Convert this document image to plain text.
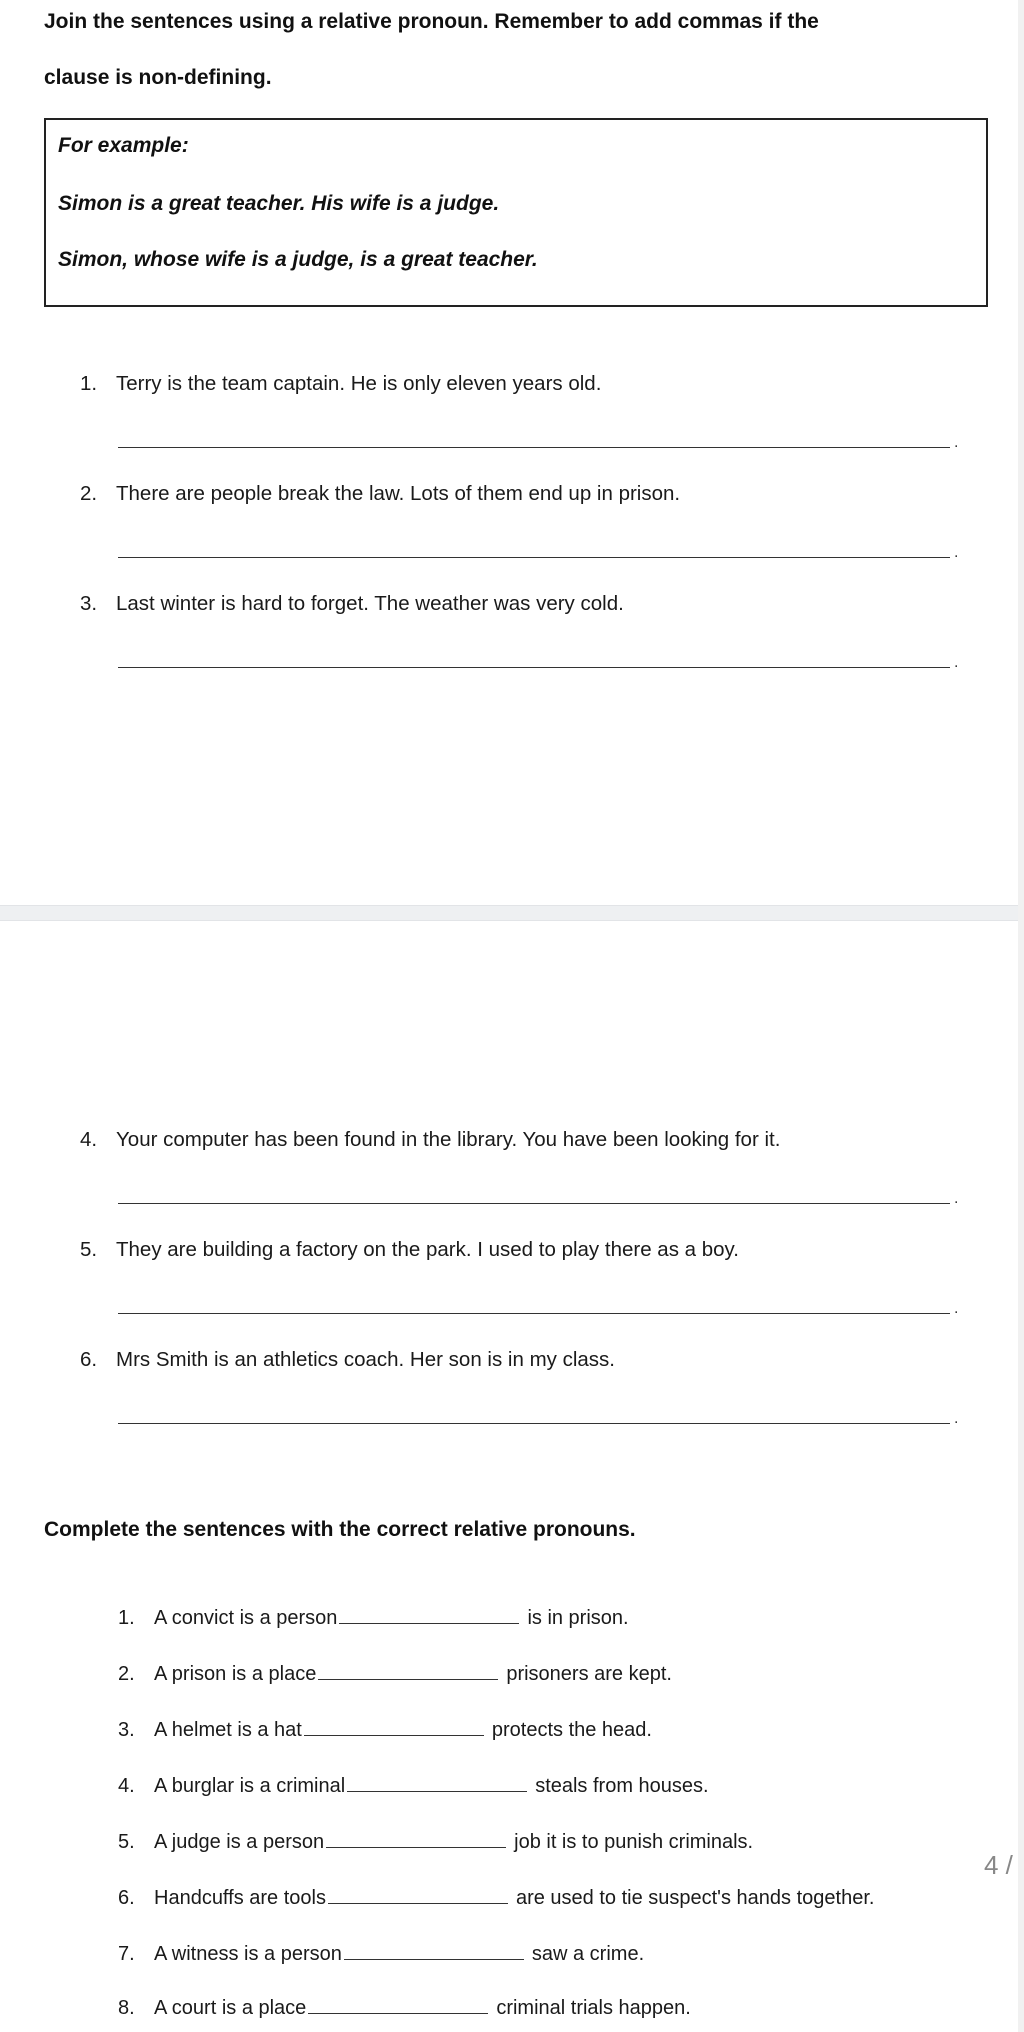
Join the sentences using a relative pronoun. Remember to add commas if the
clause is non-defining.
For example:
Simon is a great teacher. His wife is a judge.
Simon, whose wife is a judge, is a great teacher.
1. Terry is the team captain. He is only eleven years old.
.
2. There are people break the law. Lots of them end up in prison.
.
3. Last winter is hard to forget. The weather was very cold.
.
4. Your computer has been found in the library. You have been looking for it.
.
5. They are building a factory on the park. I used to play there as a boy.
.
6. Mrs Smith is an athletics coach. Her son is in my class.
.
Complete the sentences with the correct relative pronouns.
1. A convict is a person	is in prison.
2. A prison is a place	prisoners are kept.
3. A helmet is a hat	protects the head.
4. A burglar is a criminal	steals from houses.
5. A judge is a person	job it is to punish criminals.
6. Handcuffs are tools	are used to tie suspect's hands together.
7. A witness is a person	saw a crime.
8. A court is a place	criminal trials happen.
4 /
